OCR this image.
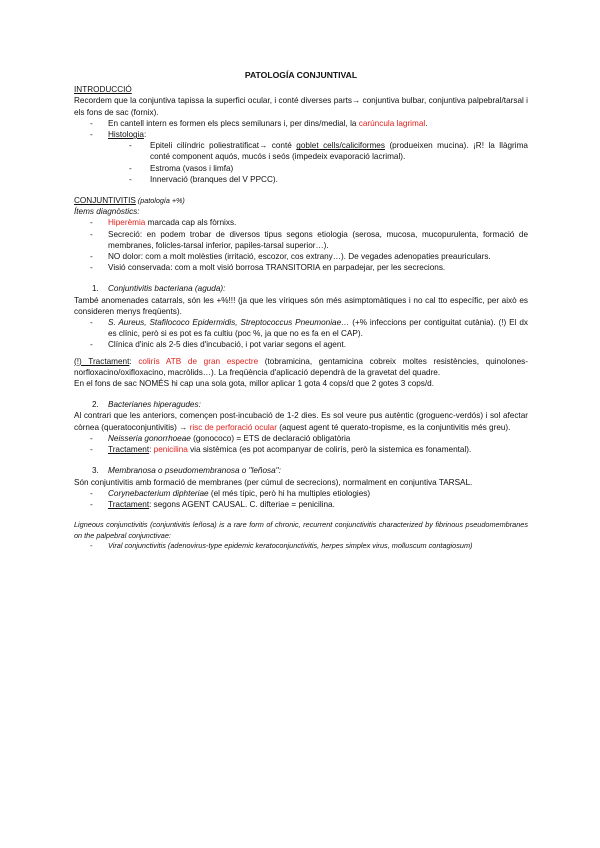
PATOLOGÍA CONJUNTIVAL
INTRODUCCIÓ
Recordem que la conjuntiva tapissa la superfici ocular, i conté diverses parts→ conjuntiva bulbar, conjuntiva palpebral/tarsal i els fons de sac (fornix).
- En cantell intern es formen els plecs semilunars i, per dins/medial, la carúncula lagrimal.
- Histologia:
- Epiteli cilíndric poliestratificat→ conté goblet cells/caliciformes (produeixen mucina). ¡R! la llàgrima conté component aquós, mucós i seós (impedeix evaporació lacrimal).
- Estroma (vasos i limfa)
- Innervació (branques del V PPCC).
CONJUNTIVITIS (patología +%)
Ítems diagnòstics:
- Hiperèmia marcada cap als fòrnixs.
- Secreció: en podem trobar de diversos tipus segons etiologia (serosa, mucosa, mucopurulenta, formació de membranes, folicles-tarsal inferior, papiles-tarsal superior…).
- NO dolor: com a molt molèsties (irritació, escozor, cos extrany…). De vegades adenopaties preauriculars.
- Visió conservada: com a molt visió borrosa TRANSITORIA en parpadejar, per les secrecions.
1. Conjuntivitis bacteriana (aguda):
També anomenades catarrals, són les +%!!! (ja que les víriques són més asimptomàtiques i no cal tto específic, per això es consideren menys freqüents).
- S. Aureus, Stafilococo Epidermidis, Streptococcus Pneumoniae… (+% infeccions per contiguitat cutània). (!) El dx es clínic, però si es pot es fa cultiu (poc %, ja que no es fa en el CAP).
- Clínica d'inic als 2-5 dies d'incubació, i pot variar segons el agent.
(!) Tractament: colirís ATB de gran espectre (tobramicina, gentamicina cobreix moltes resistències, quinolones- norfloxacino/oxifloxacino, macròlids…). La freqüència d'aplicació dependrà de la gravetat del quadre.
En el fons de sac NOMÉS hi cap una sola gota, millor aplicar 1 gota 4 cops/d que 2 gotes 3 cops/d.
2. Bacterianes hiperagudes:
Al contrari que les anteriors, començen post-incubació de 1-2 dies. Es sol veure pus autèntic (groguenc-verdós) i sol afectar còrnea (queratoconjuntivitis) → risc de perforació ocular (aquest agent té querato-tropisme, es la conjuntivitis més greu).
- Neisseria gonorrhoeae (gonococo) = ETS de declaració obligatòria
- Tractament: penicilina via sistèmica (es pot acompanyar de colirís, però la sistemica es fonamental).
3. Membranosa o pseudomembranosa o "leñosa":
Són conjuntivitis amb formació de membranes (per cúmul de secrecions), normalment en conjuntiva TARSAL.
- Corynebacterium diphteriae (el més típic, però hi ha multiples etiologies)
- Tractament: segons AGENT CAUSAL. C. difteriae = penicilina.
Ligneous conjunctivitis (conjuntivitis leñosa) is a rare form of chronic, recurrent conjunctivitis characterized by fibrinous pseudomembranes on the palpebral conjunctivae:
- Viral conjunctivitis (adenovirus-type epidemic keratoconjunctivitis, herpes simplex virus, molluscum contagiosum)
